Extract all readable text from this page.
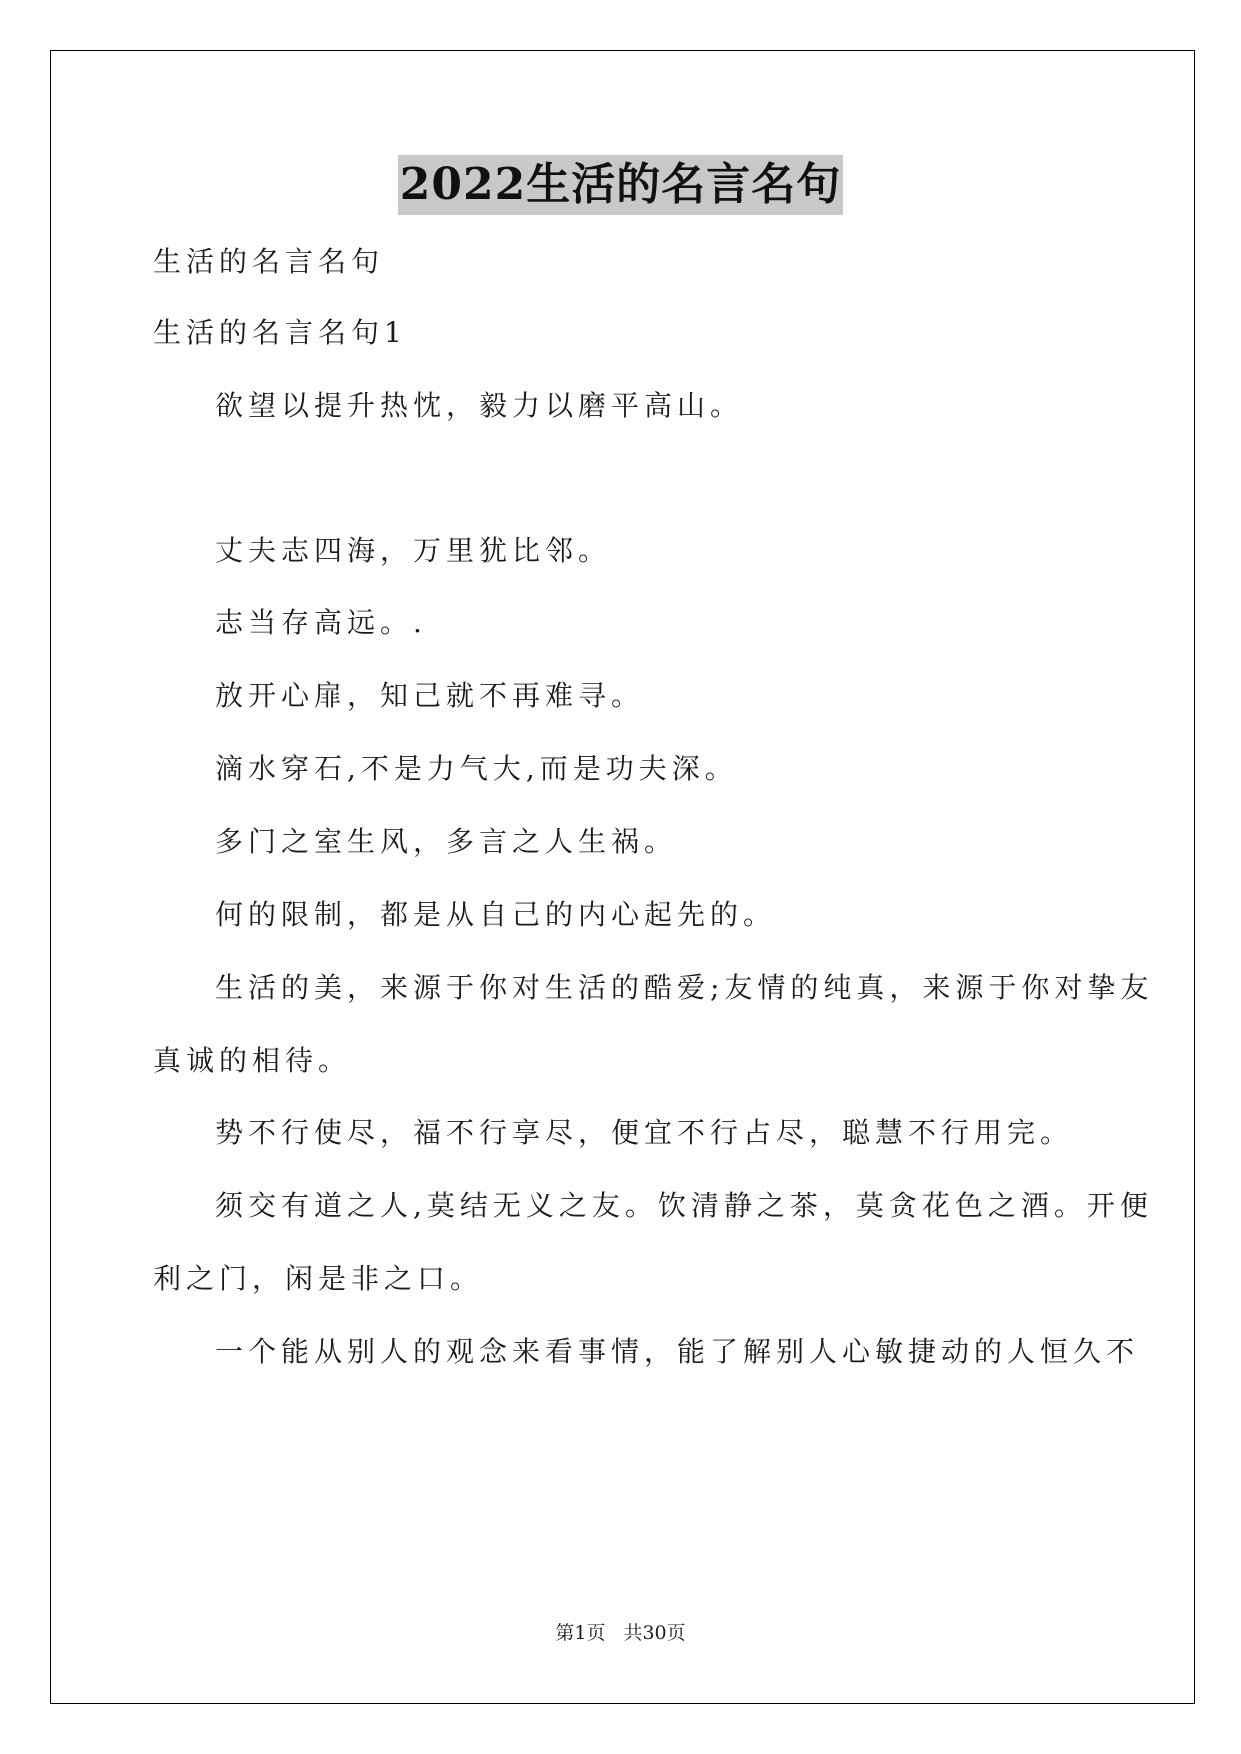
2022生活的名言名句
生活的名言名句
生活的名言名句1
欲望以提升热忱，毅力以磨平高山。
丈夫志四海，万里犹比邻。
志当存高远。.
放开心扉，知己就不再难寻。
滴水穿石,不是力气大,而是功夫深。
多门之室生风，多言之人生祸。
何的限制，都是从自己的内心起先的。
生活的美，来源于你对生活的酷爱;友情的纯真，来源于你对挚友
真诚的相待。
势不行使尽，福不行享尽，便宜不行占尽，聪慧不行用完。
须交有道之人,莫结无义之友。饮清静之茶，莫贪花色之酒。开便
利之门，闲是非之口。
一个能从别人的观念来看事情，能了解别人心敏捷动的人恒久不
第1页 共30页
